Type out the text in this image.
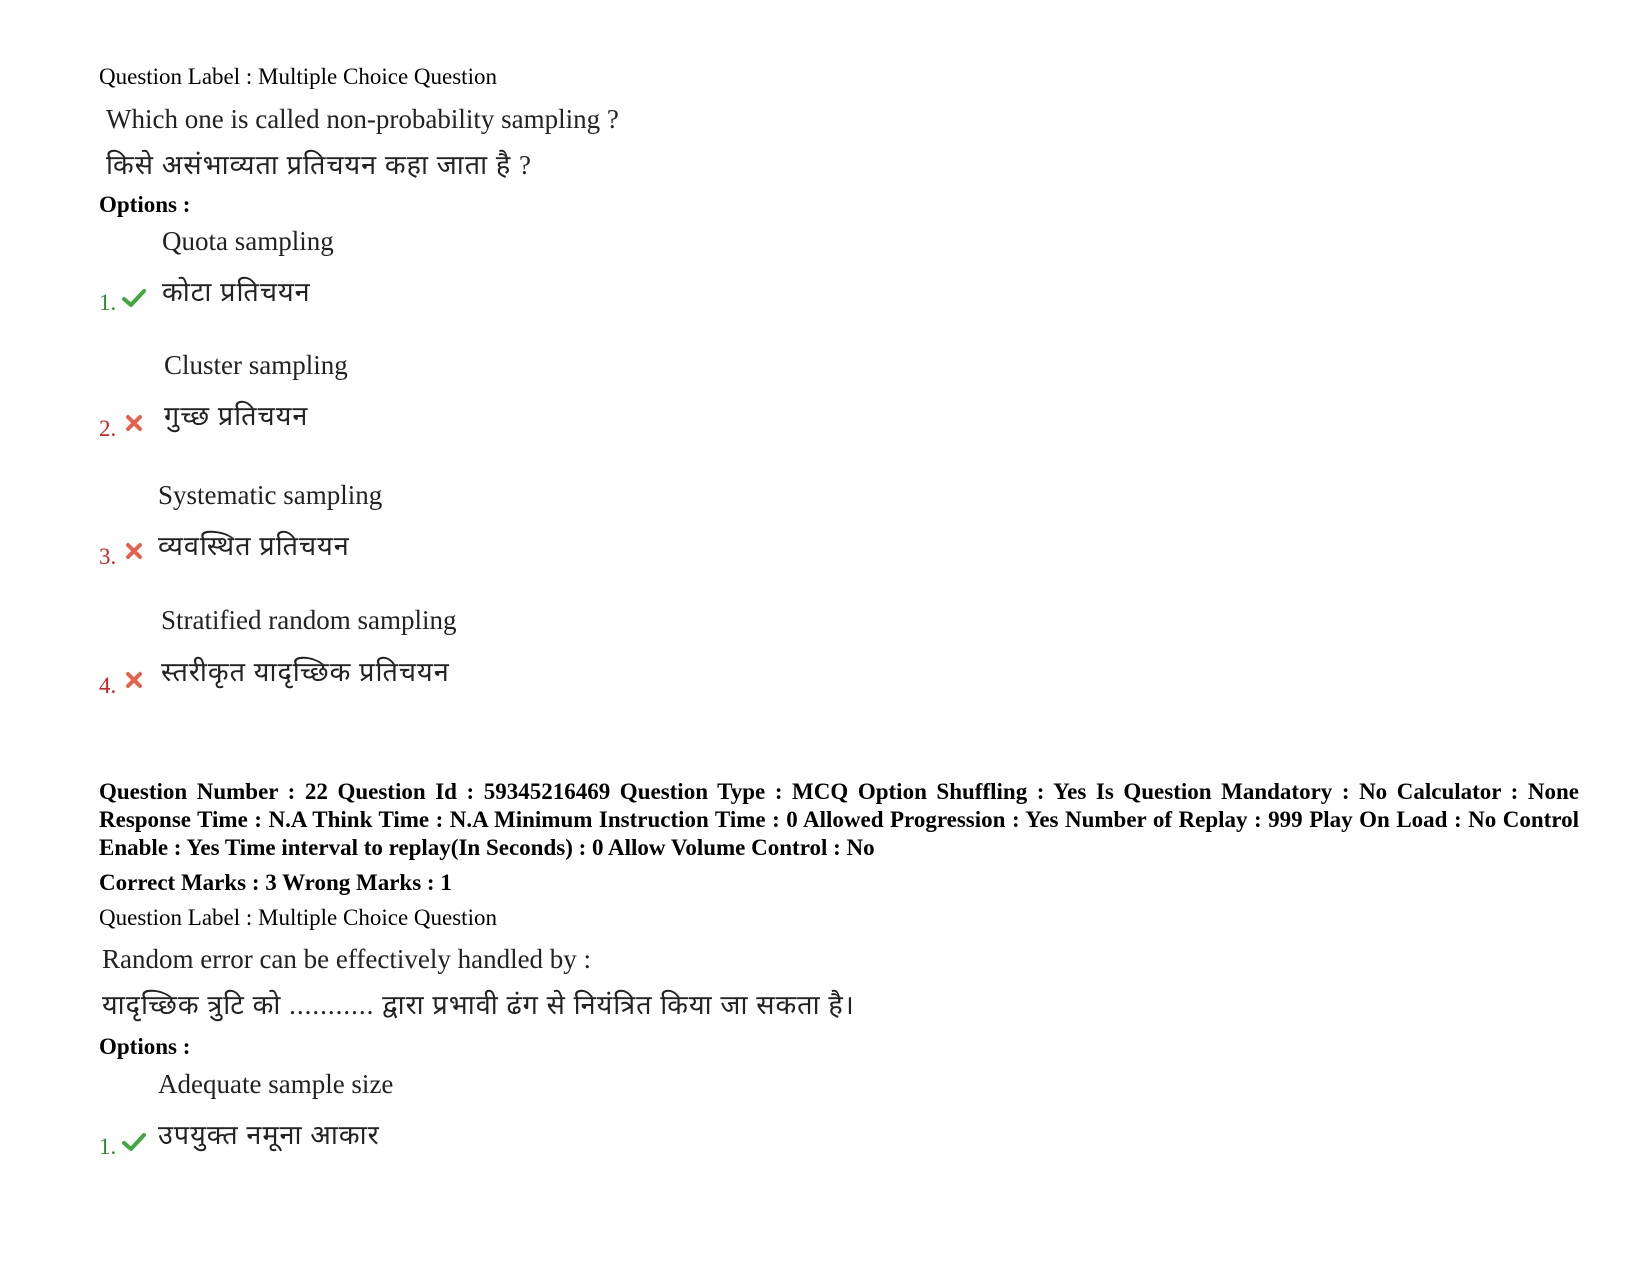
Question Label : Multiple Choice Question
Which one is called non-probability sampling ?
किसे असंभाव्यता प्रतिचयन कहा जाता है ?
Options :
Quota sampling
कोटा प्रतिचयन
1.
Cluster sampling
गुच्छ प्रतिचयन
2.
Systematic sampling
व्यवस्थित प्रतिचयन
3.
Stratified random sampling
स्तरीकृत यादृच्छिक प्रतिचयन
4.
Question Number : 22 Question Id : 59345216469 Question Type : MCQ Option Shuffling : Yes Is Question Mandatory : No Calculator : None Response Time : N.A Think Time : N.A Minimum Instruction Time : 0 Allowed Progression : Yes Number of Replay : 999 Play On Load : No Control Enable : Yes Time interval to replay(In Seconds) : 0 Allow Volume Control : No
Correct Marks : 3 Wrong Marks : 1
Question Label : Multiple Choice Question
Random error can be effectively handled by :
यादृच्छिक त्रुटि को ........... द्वारा प्रभावी ढंग से नियंत्रित किया जा सकता है।
Options :
Adequate sample size
उपयुक्त नमूना आकार
1.
